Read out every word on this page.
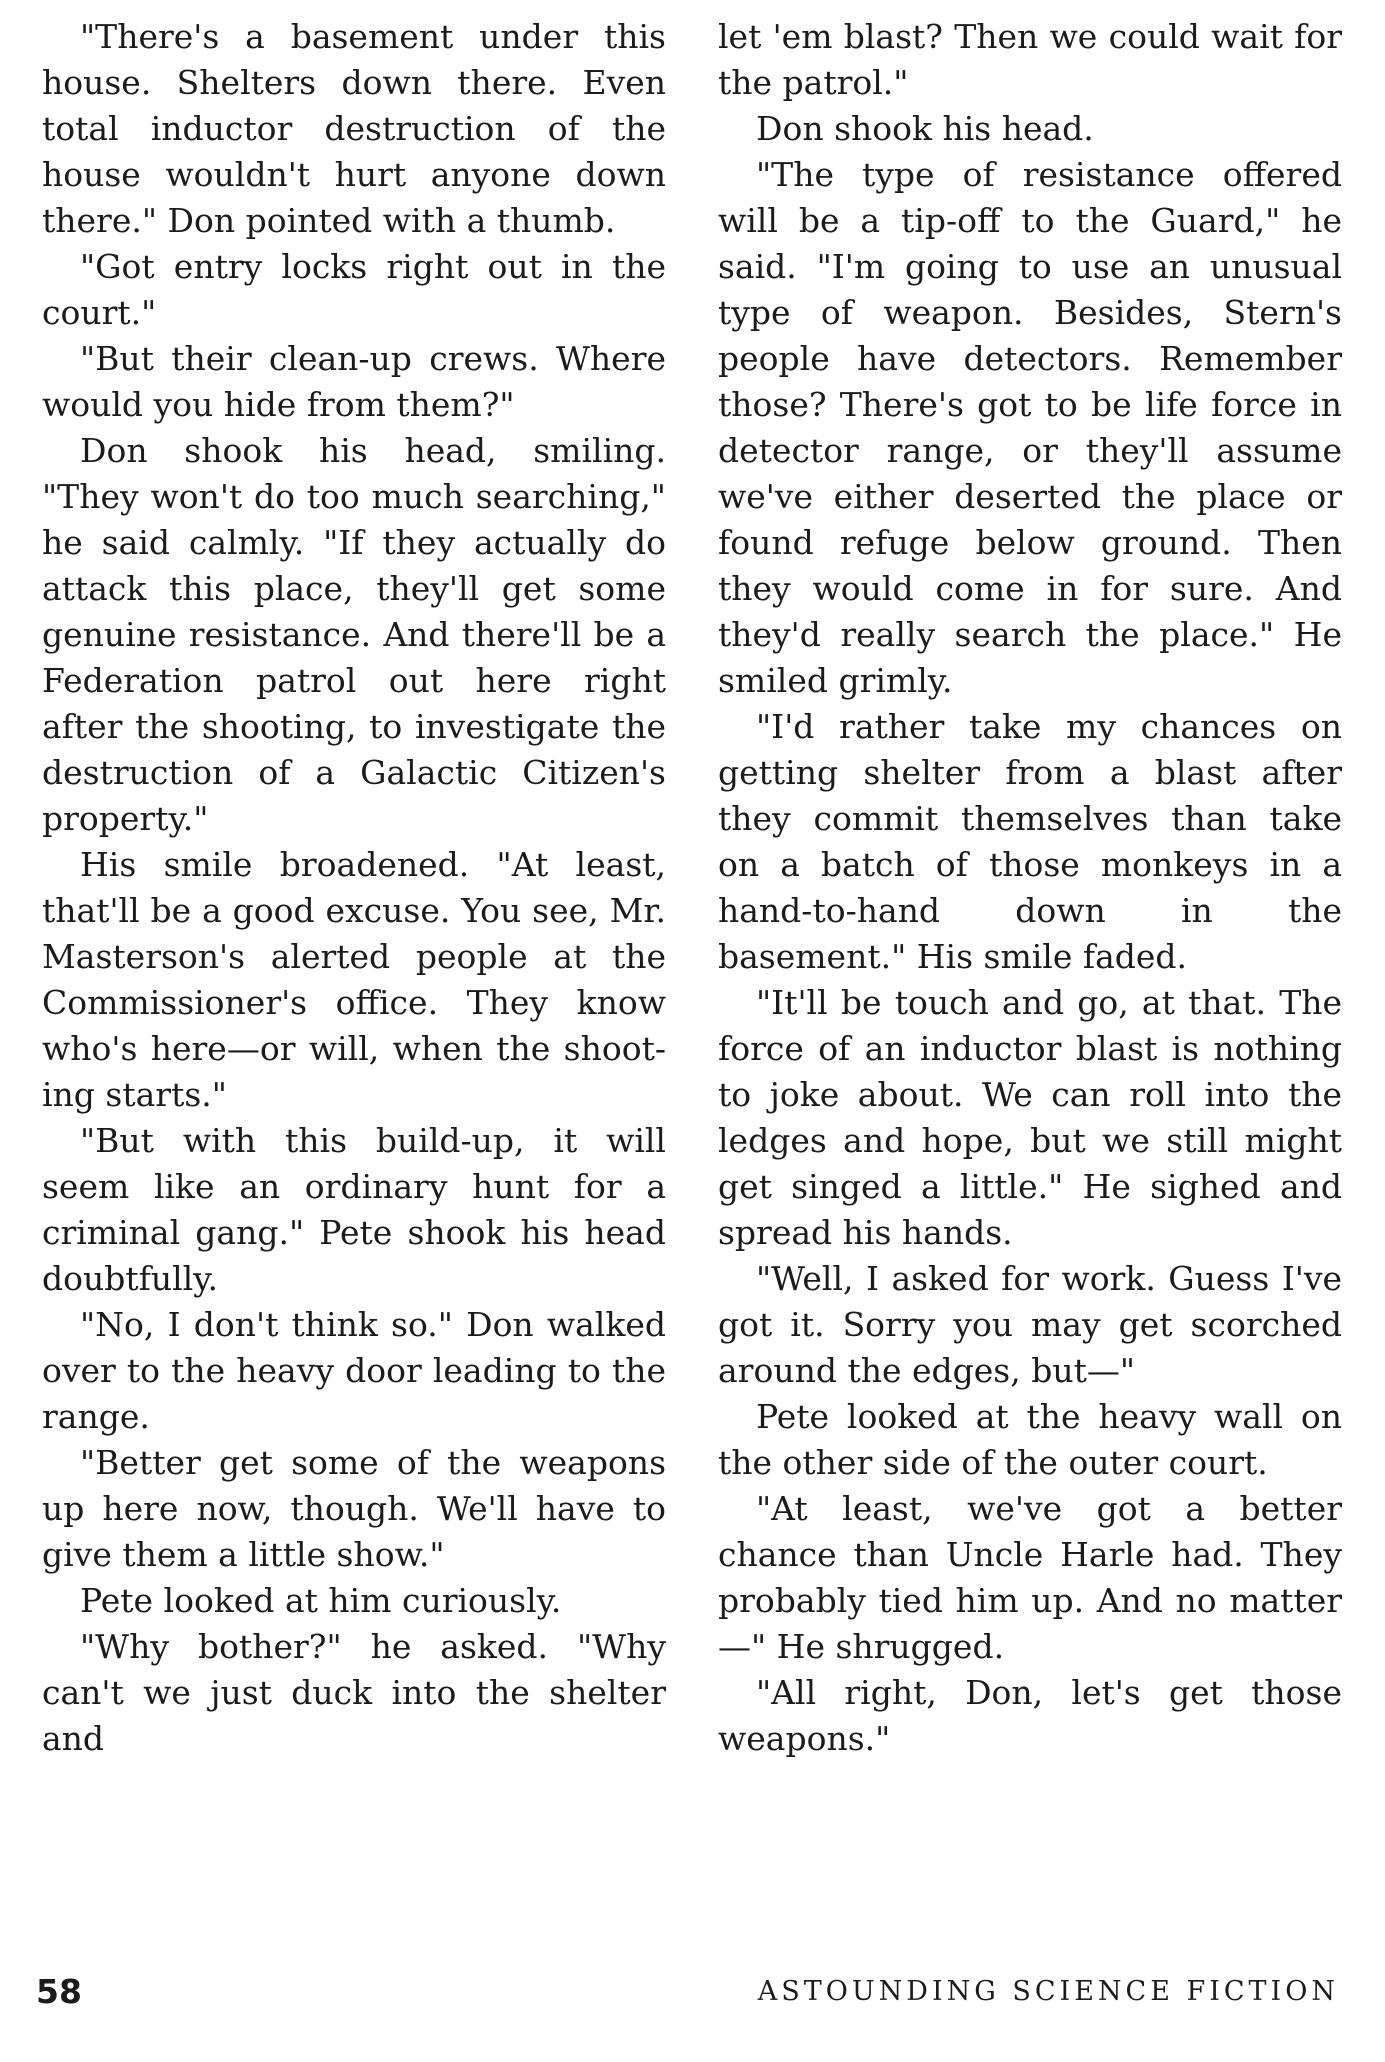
"There's a basement under this house. Shelters down there. Even total inductor destruction of the house wouldn't hurt anyone down there." Don pointed with a thumb.

"Got entry locks right out in the court."

"But their clean-up crews. Where would you hide from them?"

Don shook his head, smiling. "They won't do too much searching," he said calmly. "If they actually do attack this place, they'll get some genuine resistance. And there'll be a Federation patrol out here right after the shooting, to investigate the destruction of a Galactic Citizen's property."

His smile broadened. "At least, that'll be a good excuse. You see, Mr. Masterson's alerted people at the Commissioner's office. They know who's here—or will, when the shooting starts."

"But with this build-up, it will seem like an ordinary hunt for a criminal gang." Pete shook his head doubtfully.

"No, I don't think so." Don walked over to the heavy door leading to the range.

"Better get some of the weapons up here now, though. We'll have to give them a little show."

Pete looked at him curiously.

"Why bother?" he asked. "Why can't we just duck into the shelter and

let 'em blast? Then we could wait for the patrol."

Don shook his head.

"The type of resistance offered will be a tip-off to the Guard," he said. "I'm going to use an unusual type of weapon. Besides, Stern's people have detectors. Remember those? There's got to be life force in detector range, or they'll assume we've either deserted the place or found refuge below ground. Then they would come in for sure. And they'd really search the place." He smiled grimly.

"I'd rather take my chances on getting shelter from a blast after they commit themselves than take on a batch of those monkeys in a hand-to-hand down in the basement." His smile faded.

"It'll be touch and go, at that. The force of an inductor blast is nothing to joke about. We can roll into the ledges and hope, but we still might get singed a little." He sighed and spread his hands.

"Well, I asked for work. Guess I've got it. Sorry you may get scorched around the edges, but—"

Pete looked at the heavy wall on the other side of the outer court.

"At least, we've got a better chance than Uncle Harle had. They probably tied him up. And no matter—" He shrugged.

"All right, Don, let's get those weapons."

58	ASTOUNDING SCIENCE FICTION
